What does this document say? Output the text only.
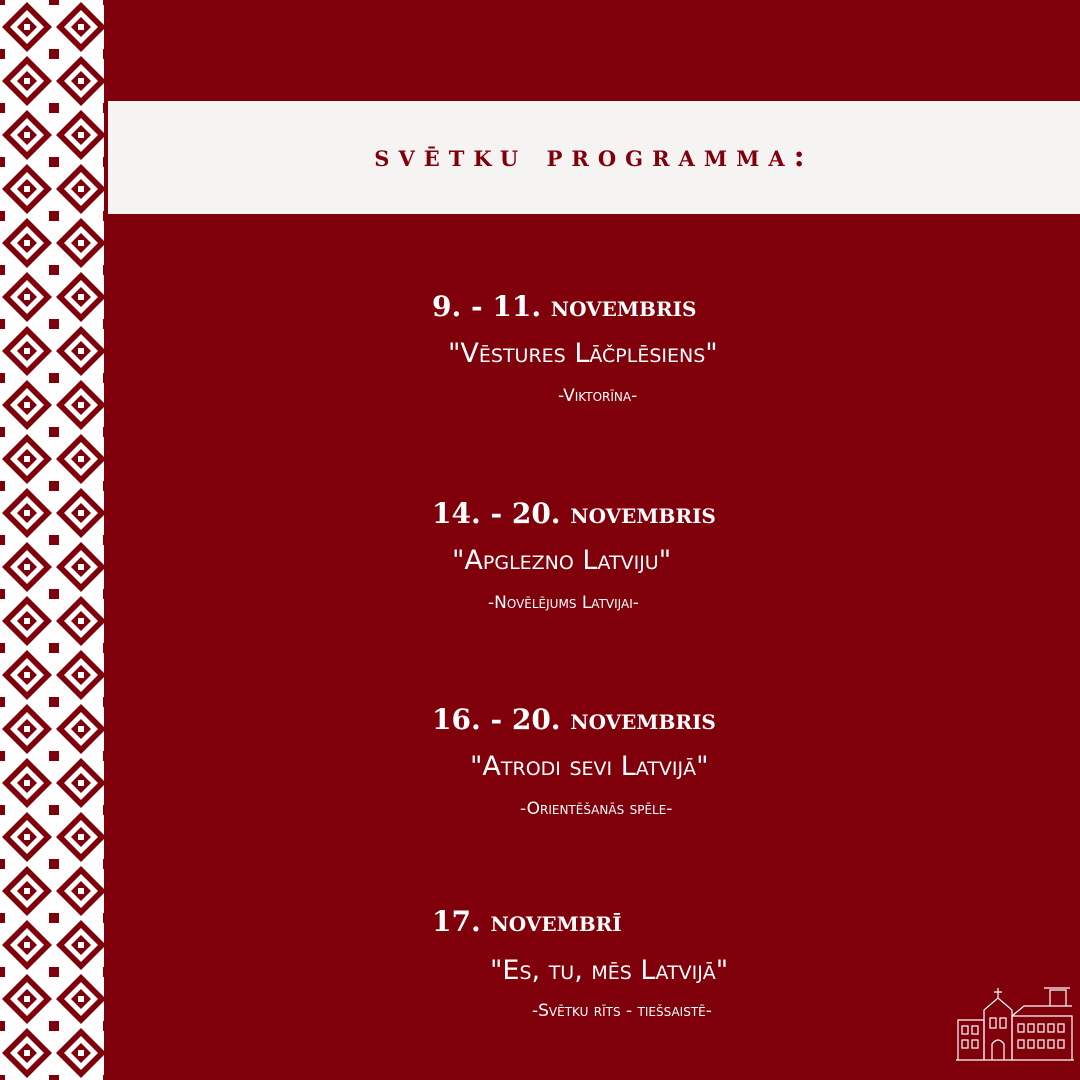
svētku programma:
9. - 11. novembris
"Vēstures Lāčplēsiens"
-Viktorīna-
14. - 20. novembris
"Apglezno Latviju"
-Novēlējums Latvijai-
16. - 20. novembris
"Atrodi sevi Latvijā"
-Orientēšanās spēle-
17. novembrī
"Es, tu, mēs Latvijā"
-Svētku rīts - tiešsaistē-
